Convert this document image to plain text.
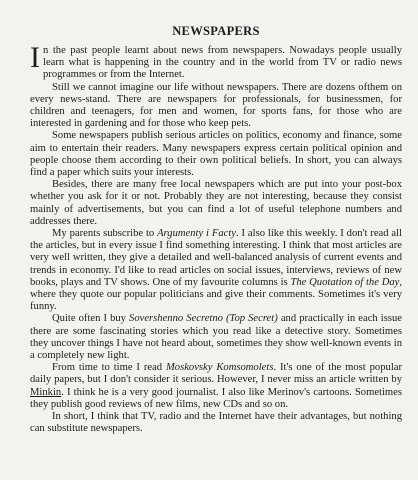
NEWSPAPERS

In the past people learnt about news from newspapers. Nowadays people usually learn what is happening in the country and in the world from TV or radio news programmes or from the Internet.

Still we cannot imagine our life without newspapers. There are dozens ofthem on every news-stand. There are newspapers for professionals, for businessmen, for children and teenagers, for men and women, for sports fans, for those who are interested in gardening and for those who keep pets.

Some newspapers publish serious articles on politics, economy and finance, some aim to entertain their readers. Many newspapers express certain political opinion and people choose them according to their own political beliefs. In short, you can always find a paper which suits your interests.

Besides, there are many free local newspapers which are put into your post-box whether you ask for it or not. Probably they are not interesting, because they consist mainly of advertisements, but you can find a lot of useful telephone numbers and addresses there.

My parents subscribe to Argumenty i Facty. I also like this weekly. I don't read all the articles, but in every issue I find something interesting. I think that most articles are very well written, they give a detailed and well-balanced analysis of current events and trends in economy. I'd like to read articles on social issues, interviews, reviews of new books, plays and TV shows. One of my favourite columns is The Quotation of the Day, where they quote our popular politicians and give their comments. Sometimes it's very funny.

Quite often I buy Sovershenno Secretno (Top Secret) and practically in each issue there are some fascinating stories which you read like a detective story. Sometimes they uncover things I have not heard about, sometimes they show well-known events in a completely new light.

From time to time I read Moskovsky Komsomolets. It's one of the most popular daily papers, but I don't consider it serious. However, I never miss an article written by Minkin. I think he is a very good journalist. I also like Merinov's cartoons. Sometimes they publish good reviews of new films, new CDs and so on.

In short, I think that TV, radio and the Internet have their advantages, but nothing can substitute newspapers.
